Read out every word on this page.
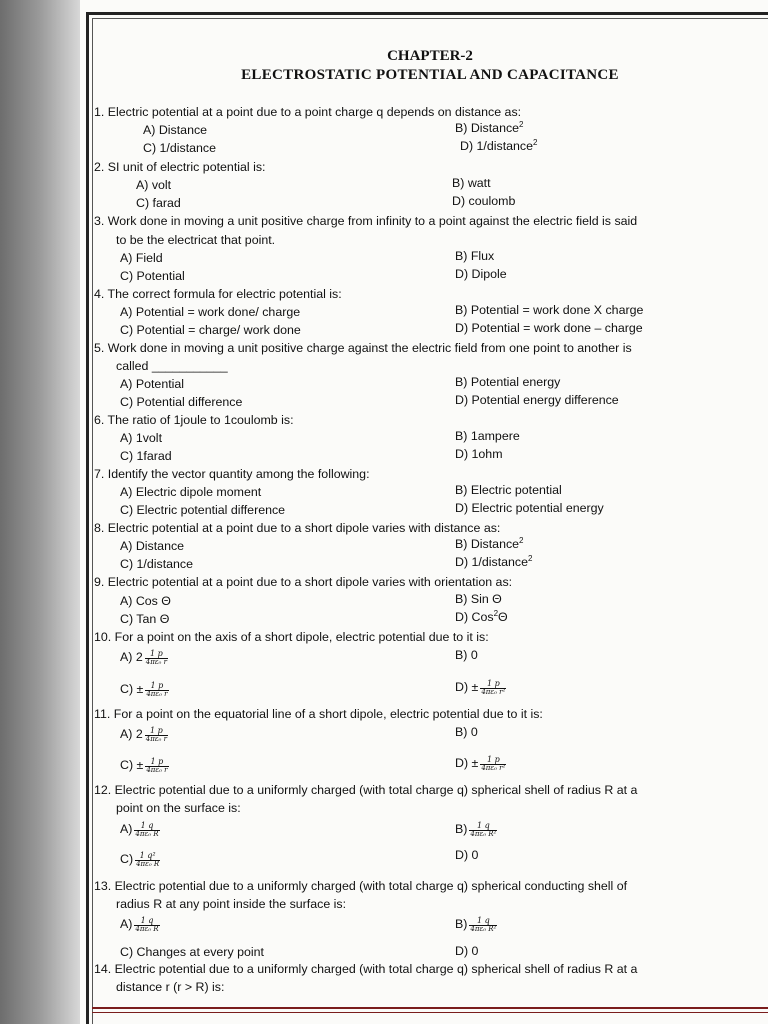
CHAPTER-2
ELECTROSTATIC POTENTIAL AND CAPACITANCE
1. Electric potential at a point due to a point charge q depends on distance as:
A) Distance	B) Distance$^2$
C) 1/distance	D) 1/distance$^2$
2. SI unit of electric potential is:
A) volt	B) watt
C) farad	D) coulomb
3. Work done in moving a unit positive charge from infinity to a point against the electric field is said
to be the electricat that point.
A) Field	B) Flux
C) Potential	D) Dipole
4. The correct formula for electric potential is:
A) Potential = work done/ charge	B) Potential = work done X charge
C) Potential = charge/ work done	D) Potential = work done – charge
5. Work done in moving a unit positive charge against the electric field from one point to another is
called ___________
A) Potential	B) Potential energy
C) Potential difference	D) Potential energy difference
6. The ratio of 1joule to 1coulomb is:
A) 1volt	B) 1ampere
C) 1farad	D) 1ohm
7. Identify the vector quantity among the following:
A) Electric dipole moment	B) Electric potential
C) Electric potential difference	D) Electric potential energy
8. Electric potential at a point due to a short dipole varies with distance as:
A) Distance	B) Distance$^2$
C) 1/distance	D) 1/distance$^2$
9. Electric potential at a point due to a short dipole varies with orientation as:
A) Cos Θ	B) Sin Θ
C) Tan Θ	D) Cos$^2$Θ
10. For a point on the axis of a short dipole, electric potential due to it is:
A) $2 \frac{1 p}{\text{4πε₀ r}}$	B) 0
$C) \pm \frac{1 p}{\text{4πε₀ r}}$	$D) \pm \frac{1 p}{\text{4πε₀ r²}}$
11. For a point on the equatorial line of a short dipole, electric potential due to it is:
A) $2 \frac{1 p}{\text{4πε₀ r}}$	B) 0
$C) \pm \frac{1 p}{\text{4πε₀ r}}$	$D) \pm \frac{1 p}{\text{4πε₀ r²}}$
12. Electric potential due to a uniformly charged (with total charge q) spherical shell of radius R at a
point on the surface is:
$A) \frac{1 q}{\text{4πε₀ R}}$	$B) \frac{1 q}{\text{4πε₀ R²}}$
$C) \frac{\text{1 q²}}{\text{4πε₀ R}}$	D) 0
13. Electric potential due to a uniformly charged (with total charge q) spherical conducting shell of
radius R at any point inside the surface is:
$A) \frac{1 q}{\text{4πε₀ R}}$	$B) \frac{1 q}{\text{4πε₀ R²}}$
C) Changes at every point	D) 0
14. Electric potential due to a uniformly charged (with total charge q) spherical shell of radius R at a
distance r (r > R) is:
